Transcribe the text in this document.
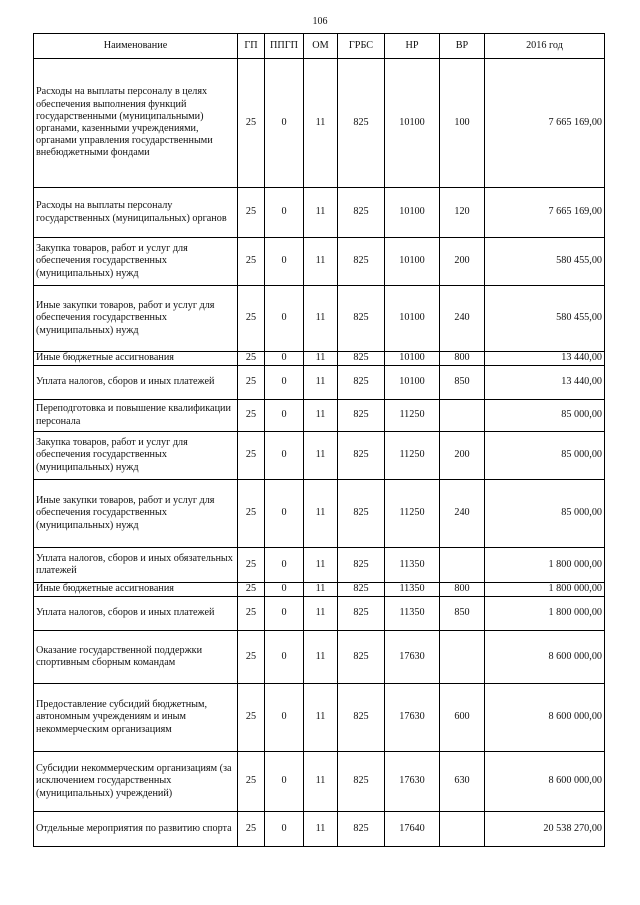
106
Наименование	ГП	ППГП	ОМ	ГРБС	НР	ВР	2016 год
Расходы на выплаты персоналу в целях обеспечения выполнения функций государственными (муниципальными) органами, казенными учреждениями, органами управления государственными внебюджетными фондами	25	0	11	825	10100	100	7 665 169,00
Расходы на выплаты персоналу государственных (муниципальных) органов	25	0	11	825	10100	120	7 665 169,00
Закупка товаров, работ и услуг для обеспечения государственных (муниципальных) нужд	25	0	11	825	10100	200	580 455,00
Иные закупки товаров, работ и услуг для обеспечения государственных (муниципальных) нужд	25	0	11	825	10100	240	580 455,00
Иные бюджетные ассигнования	25	0	11	825	10100	800	13 440,00
Уплата налогов, сборов и иных платежей	25	0	11	825	10100	850	13 440,00
Переподготовка и повышение квалификации персонала	25	0	11	825	11250		85 000,00
Закупка товаров, работ и услуг для обеспечения государственных (муниципальных) нужд	25	0	11	825	11250	200	85 000,00
Иные закупки товаров, работ и услуг для обеспечения государственных (муниципальных) нужд	25	0	11	825	11250	240	85 000,00
Уплата налогов, сборов и иных обязательных платежей	25	0	11	825	11350		1 800 000,00
Иные бюджетные ассигнования	25	0	11	825	11350	800	1 800 000,00
Уплата налогов, сборов и иных платежей	25	0	11	825	11350	850	1 800 000,00
Оказание государственной поддержки спортивным сборным командам	25	0	11	825	17630		8 600 000,00
Предоставление субсидий бюджетным, автономным учреждениям и иным некоммерческим организациям	25	0	11	825	17630	600	8 600 000,00
Субсидии некоммерческим организациям (за исключением государственных (муниципальных) учреждений)	25	0	11	825	17630	630	8 600 000,00
Отдельные мероприятия по развитию спорта	25	0	11	825	17640		20 538 270,00
